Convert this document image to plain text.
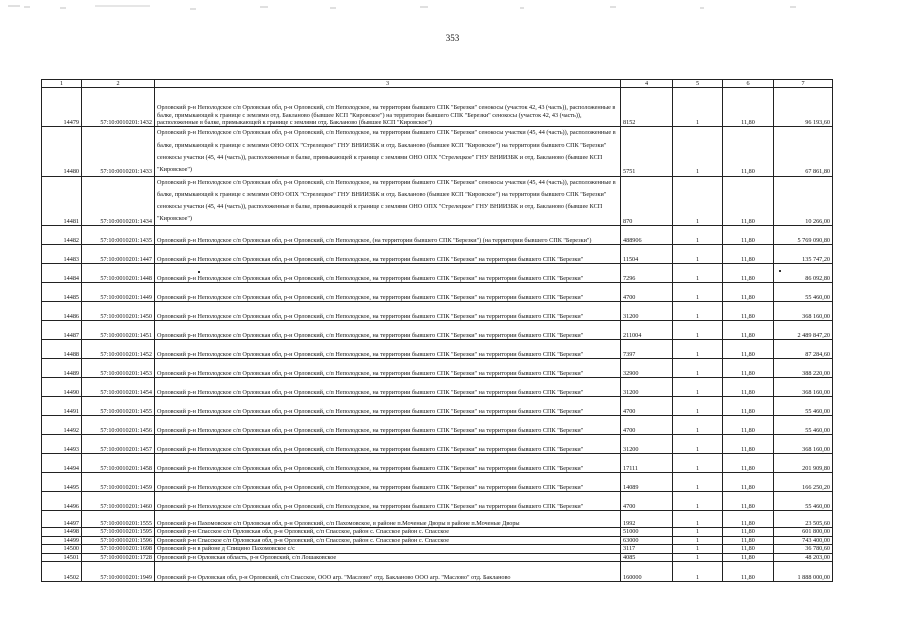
353
1	2	3	4	5	6	7
14479	57:10:0010201:1432	Орловский р-н Неполодское с/п Орловская обл, р-н Орловский, с/п Неполодское, на территории бывшего СПК "Березки" сенокосы (участок 42, 43 (часть)), расположенные в балке, примыкающей к границе с землями отд. Бакланово (бывшее КСП "Кировское") на территории бывшего СПК "Березки" сенокосы (участок 42, 43 (часть)), расположенные в балке, примыкающей к границе с землями отд. Бакланово (бывшее КСП "Кировское")	8152	1	11,80	96 193,60
14480	57:10:0010201:1433	Орловский р-н Неполодское с/п Орловская обл, р-н Орловский, с/п Неполодское, на территории бывшего СПК "Березки" сенокосы участки (45, 44 (часть)), расположенные в балке, примыкающей к границе с землями ОНО ОПХ "Стрелецкое" ГНУ ВНИИЗБК и отд. Бакланово (бывшее КСП "Кировское") на территории бывшего СПК "Березки" сенокосы участки (45, 44 (часть)), расположенные в балке, примыкающей к границе с землями ОНО ОПХ "Стрелецкое" ГНУ ВНИИЗБК и отд. Бакланово (бывшее КСП "Кировское")	5751	1	11,80	67 861,80
14481	57:10:0010201:1434	Орловский р-н Неполодское с/п Орловская обл, р-н Орловский, с/п Неполодское, на территории бывшего СПК "Березки" сенокосы участки (45, 44 (часть)), расположенные в балке, примыкающей к границе с землями ОНО ОПХ "Стрелецкое" ГНУ ВНИИЗБК и отд. Бакланово (бывшее КСП "Кировское") на территории бывшего СПК "Березки" сенокосы участки (45, 44 (часть)), расположенные в балке, примыкающей к границе с землями ОНО ОПХ "Стрелецкое" ГНУ ВНИИЗБК и отд. Бакланово (бывшее КСП "Кировское")	870	1	11,80	10 266,00
14482	57:10:0010201:1435	Орловский р-н Неполодское с/п Орловская обл, р-н Орловский, с/п Неполодское, (на территории бывшего СПК "Березки") (на территории бывшего СПК "Березки")	488906	1	11,80	5 769 090,80
14483	57:10:0010201:1447	Орловский р-н Неполодское с/п Орловская обл, р-н Орловский, с/п Неполодское, на территории бывшего СПК "Березки" на территории бывшего СПК "Березки"	11504	1	11,80	135 747,20
14484	57:10:0010201:1448	Орловский р-н Неполодское с/п Орловская обл, р-н Орловский, с/п Неполодское, на территории бывшего СПК "Березки" на территории бывшего СПК "Березки"	7296	1	11,80	86 092,80
14485	57:10:0010201:1449	Орловский р-н Неполодское с/п Орловская обл, р-н Орловский, с/п Неполодское, на территории бывшего СПК "Березки" на территории бывшего СПК "Березки"	4700	1	11,80	55 460,00
14486	57:10:0010201:1450	Орловский р-н Неполодское с/п Орловская обл, р-н Орловский, с/п Неполодское, на территории бывшего СПК "Березки" на территории бывшего СПК "Березки"	31200	1	11,80	368 160,00
14487	57:10:0010201:1451	Орловский р-н Неполодское с/п Орловская обл, р-н Орловский, с/п Неполодское, на территории бывшего СПК "Березки" на территории бывшего СПК "Березки"	211004	1	11,80	2 489 847,20
14488	57:10:0010201:1452	Орловский р-н Неполодское с/п Орловская обл, р-н Орловский, с/п Неполодское, на территории бывшего СПК "Березки" на территории бывшего СПК "Березки"	7397	1	11,80	87 284,60
14489	57:10:0010201:1453	Орловский р-н Неполодское с/п Орловская обл, р-н Орловский, с/п Неполодское, на территории бывшего СПК "Березки" на территории бывшего СПК "Березки"	32900	1	11,80	388 220,00
14490	57:10:0010201:1454	Орловский р-н Неполодское с/п Орловская обл, р-н Орловский, с/п Неполодское, на территории бывшего СПК "Березки" на территории бывшего СПК "Березки"	31200	1	11,80	368 160,00
14491	57:10:0010201:1455	Орловский р-н Неполодское с/п Орловская обл, р-н Орловский, с/п Неполодское, на территории бывшего СПК "Березки" на территории бывшего СПК "Березки"	4700	1	11,80	55 460,00
14492	57:10:0010201:1456	Орловский р-н Неполодское с/п Орловская обл, р-н Орловский, с/п Неполодское, на территории бывшего СПК "Березки" на территории бывшего СПК "Березки"	4700	1	11,80	55 460,00
14493	57:10:0010201:1457	Орловский р-н Неполодское с/п Орловская обл, р-н Орловский, с/п Неполодское, на территории бывшего СПК "Березки" на территории бывшего СПК "Березки"	31200	1	11,80	368 160,00
14494	57:10:0010201:1458	Орловский р-н Неполодское с/п Орловская обл, р-н Орловский, с/п Неполодское, на территории бывшего СПК "Березки" на территории бывшего СПК "Березки"	17111	1	11,80	201 909,80
14495	57:10:0010201:1459	Орловский р-н Неполодское с/п Орловская обл, р-н Орловский, с/п Неполодское, на территории бывшего СПК "Березки" на территории бывшего СПК "Березки"	14089	1	11,80	166 250,20
14496	57:10:0010201:1460	Орловский р-н Неполодское с/п Орловская обл, р-н Орловский, с/п Неполодское, на территории бывшего СПК "Березки" на территории бывшего СПК "Березки"	4700	1	11,80	55 460,00
14497	57:10:0010201:1555	Орловский р-н Пахомовское с/п Орловская обл, р-н Орловский, с/п Пахомовское, в районе п.Моченые Дворы в районе п.Моченые Дворы	1992	1	11,80	23 505,60
14498	57:10:0010201:1595	Орловский р-н Спасское с/п Орловская обл, р-н Орловский, с/п Спасское, район с. Спасское район с. Спасское	51000	1	11,80	601 800,00
14499	57:10:0010201:1596	Орловский р-н Спасское с/п Орловская обл, р-н Орловский, с/п Спасское, район с. Спасское район с. Спасское	63000	1	11,80	743 400,00
14500	57:10:0010201:1698	Орловский р-н в районе д Спицино Пахомовское с/с	3117	1	11,80	36 780,60
14501	57:10:0010201:1728	Орловский р-н Орловская область, р-н Орловский, с/п Лошаковское	4085	1	11,80	48 203,00
14502	57:10:0010201:1949	Орловский р-н Орловская обл, р-н Орловский, с/п Спасское, ООО агр. "Маслово" отд. Бакланово ООО агр. "Маслово" отд. Бакланово	160000	1	11,80	1 888 000,00
